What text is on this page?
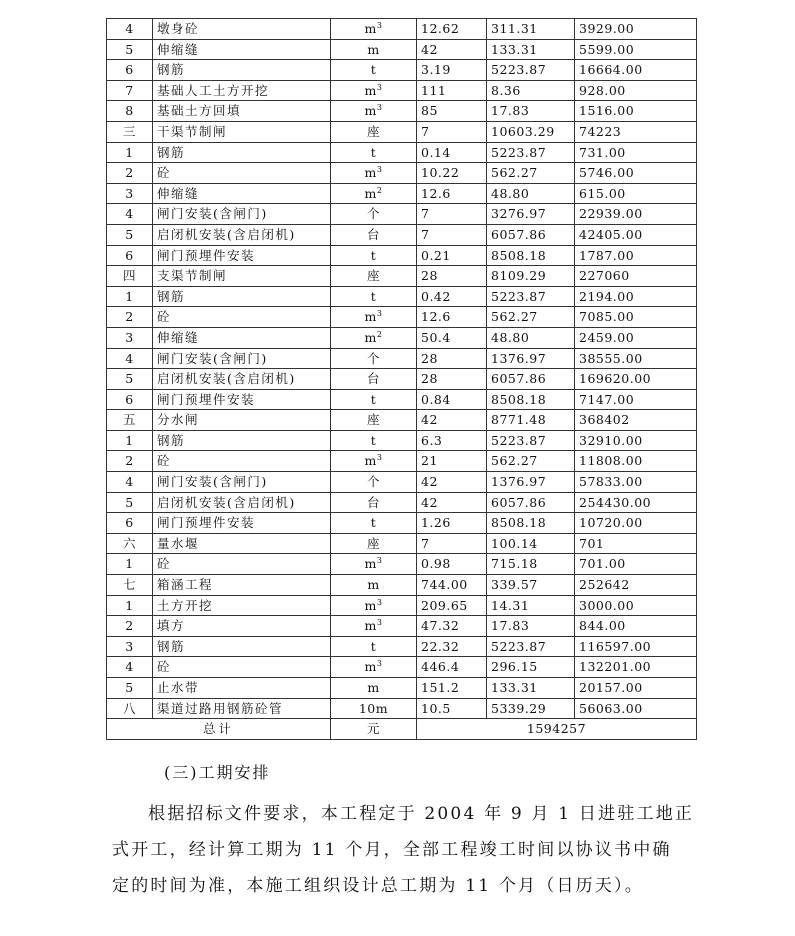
4	墩身砼	$m^3$	12.62	311.31	3929.00
5	伸缩缝	m	42	133.31	5599.00
6	钢筋	t	3.19	5223.87	16664.00
7	基础人工土方开挖	$m^3$	111	8.36	928.00
8	基础土方回填	$m^3$	85	17.83	1516.00
三	干渠节制闸	座	7	10603.29	74223
1	钢筋	t	0.14	5223.87	731.00
2	砼	$m^3$	10.22	562.27	5746.00
3	伸缩缝	$m^2$	12.6	48.80	615.00
4	闸门安装(含闸门)	个	7	3276.97	22939.00
5	启闭机安装(含启闭机)	台	7	6057.86	42405.00
6	闸门预埋件安装	t	0.21	8508.18	1787.00
四	支渠节制闸	座	28	8109.29	227060
1	钢筋	t	0.42	5223.87	2194.00
2	砼	$m^3$	12.6	562.27	7085.00
3	伸缩缝	$m^2$	50.4	48.80	2459.00
4	闸门安装(含闸门)	个	28	1376.97	38555.00
5	启闭机安装(含启闭机)	台	28	6057.86	169620.00
6	闸门预埋件安装	t	0.84	8508.18	7147.00
五	分水闸	座	42	8771.48	368402
1	钢筋	t	6.3	5223.87	32910.00
2	砼	$m^3$	21	562.27	11808.00
4	闸门安装(含闸门)	个	42	1376.97	57833.00
5	启闭机安装(含启闭机)	台	42	6057.86	254430.00
6	闸门预埋件安装	t	1.26	8508.18	10720.00
六	量水堰	座	7	100.14	701
1	砼	$m^3$	0.98	715.18	701.00
七	箱涵工程	m	744.00	339.57	252642
1	土方开挖	$m^3$	209.65	14.31	3000.00
2	填方	$m^3$	47.32	17.83	844.00
3	钢筋	t	22.32	5223.87	116597.00
4	砼	$m^3$	446.4	296.15	132201.00
5	止水带	m	151.2	133.31	20157.00
八	渠道过路用钢筋砼管	10m	10.5	5339.29	56063.00
总计		元	1594257		
(三)工期安排

根据招标文件要求，本工程定于 2004 年 9 月 1 日进驻工地正

式开工，经计算工期为 11 个月，全部工程竣工时间以协议书中确

定的时间为准，本施工组织设计总工期为 11 个月（日历天）。
